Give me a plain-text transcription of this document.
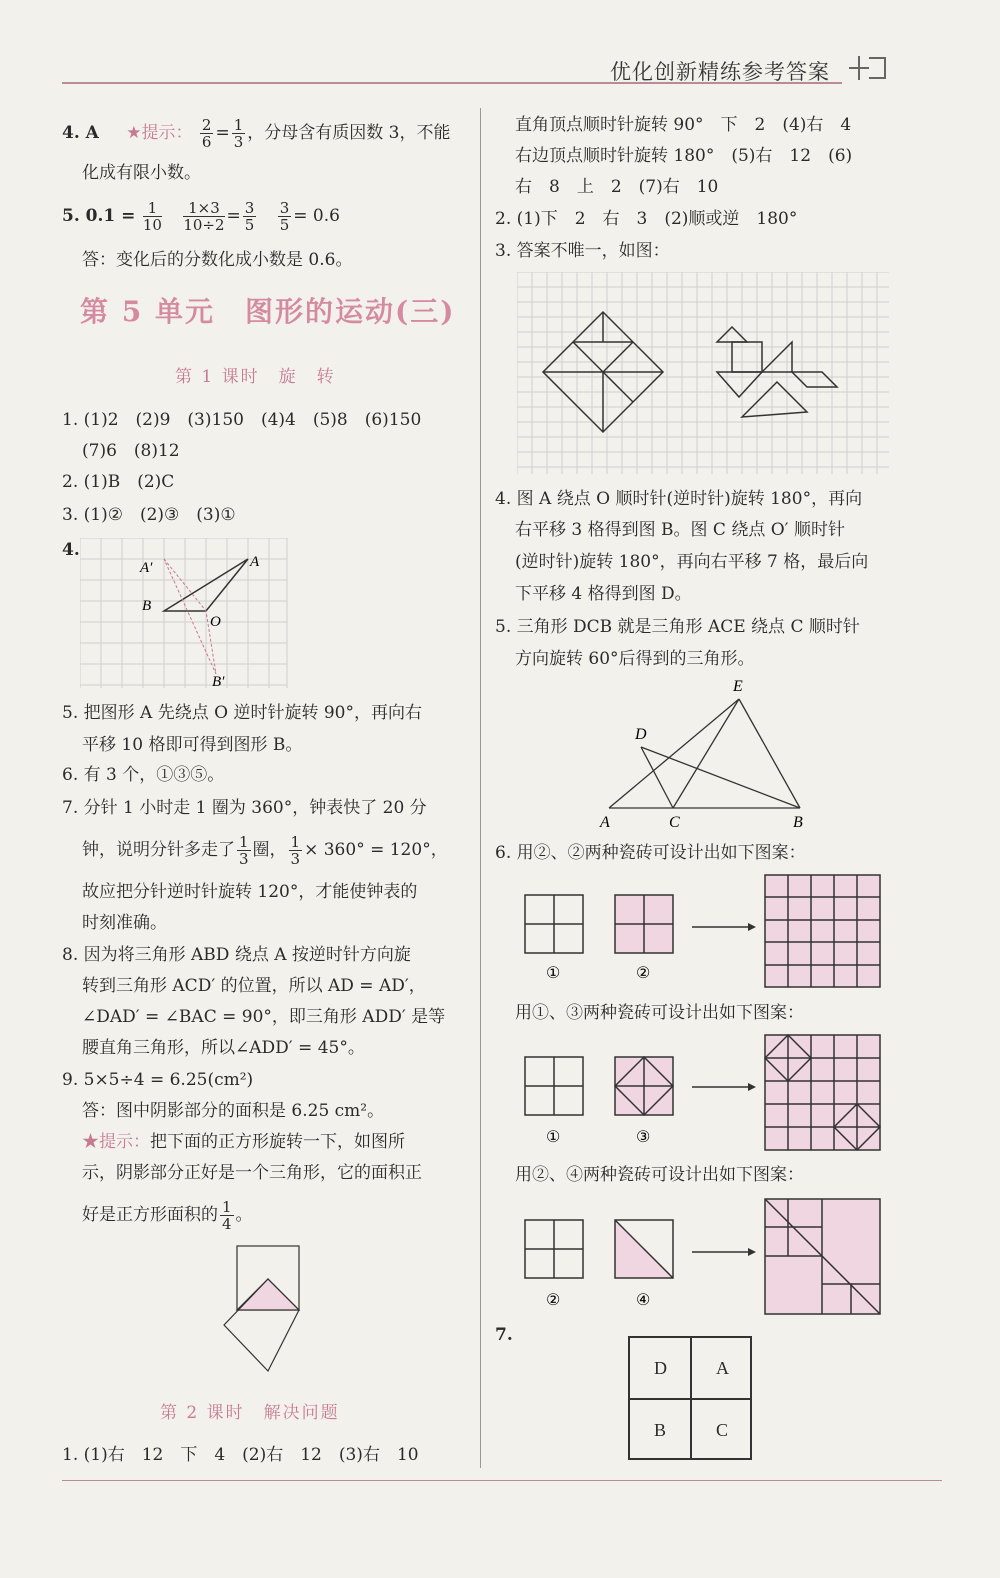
优化创新精练参考答案
4. A ★提示： $\frac{2}{6} = \frac{1}{3}$ ，分母含有质因数 3，不能
化成有限小数。
5. $0.1 = \frac{1}{10}$
$\frac{1\times 3}{10\div 2} = \frac{3}{5}$
$\frac{3}{5} = 0.6$
答：变化后的分数化成小数是 0.6。
第 5 单元　图形的运动(三)
第 1 课时　旋　转
1. (1)2　(2)9　(3)150　(4)4　(5)8　(6)150
(7)6　(8)12
2. (1)B　(2)C
3. (1)②　(2)③　(3)①
4.
A′	A
B
O
B′
5. 把图形 A 先绕点 O 逆时针旋转 90°，再向右
平移 10 格即可得到图形 B。
6. 有 3 个，①③⑤。
7. 分针 1 小时走 1 圈为 360°，钟表快了 20 分
钟，说明分针多走了 $\frac{1}{3}$ 圈， $\frac{1}{3} \times 360^\circ = 120^\circ$，
故应把分针逆时针旋转 120°，才能使钟表的
时刻准确。
8. 因为将三角形 ABD 绕点 A 按逆时针方向旋
转到三角形 ACD′ 的位置，所以 AD = AD′，
∠DAD′ = ∠BAC = 90°，即三角形 ADD′ 是等
腰直角三角形，所以∠ADD′ = 45°。
9. 5×5÷4 = 6.25(cm²)
答：图中阴影部分的面积是 6.25 cm²。
★提示：把下面的正方形旋转一下，如图所
示，阴影部分正好是一个三角形，它的面积正
好是正方形面积的 $\frac{1}{4}$ 。
第 2 课时　解决问题
1. (1)右　12　下　4　(2)右　12　(3)右　10
直角顶点顺时针旋转 90°　下　2　(4)右　4
右边顶点顺时针旋转 180°　(5)右　12　(6)
右　8　上　2　(7)右　10
2. (1)下　2　右　3　(2)顺或逆　180°
3. 答案不唯一，如图：
4. 图 A 绕点 O 顺时针(逆时针)旋转 180°，再向
右平移 3 格得到图 B。图 C 绕点 O′ 顺时针
(逆时针)旋转 180°，再向右平移 7 格，最后向
下平移 4 格得到图 D。
5. 三角形 DCB 就是三角形 ACE 绕点 C 顺时针
方向旋转 60°后得到的三角形。
E
D
A	C	B
6. 用②、②两种瓷砖可设计出如下图案：
①	②
用①、③两种瓷砖可设计出如下图案：
①	③
用②、④两种瓷砖可设计出如下图案：
②	④
7.
D	A
B	C
